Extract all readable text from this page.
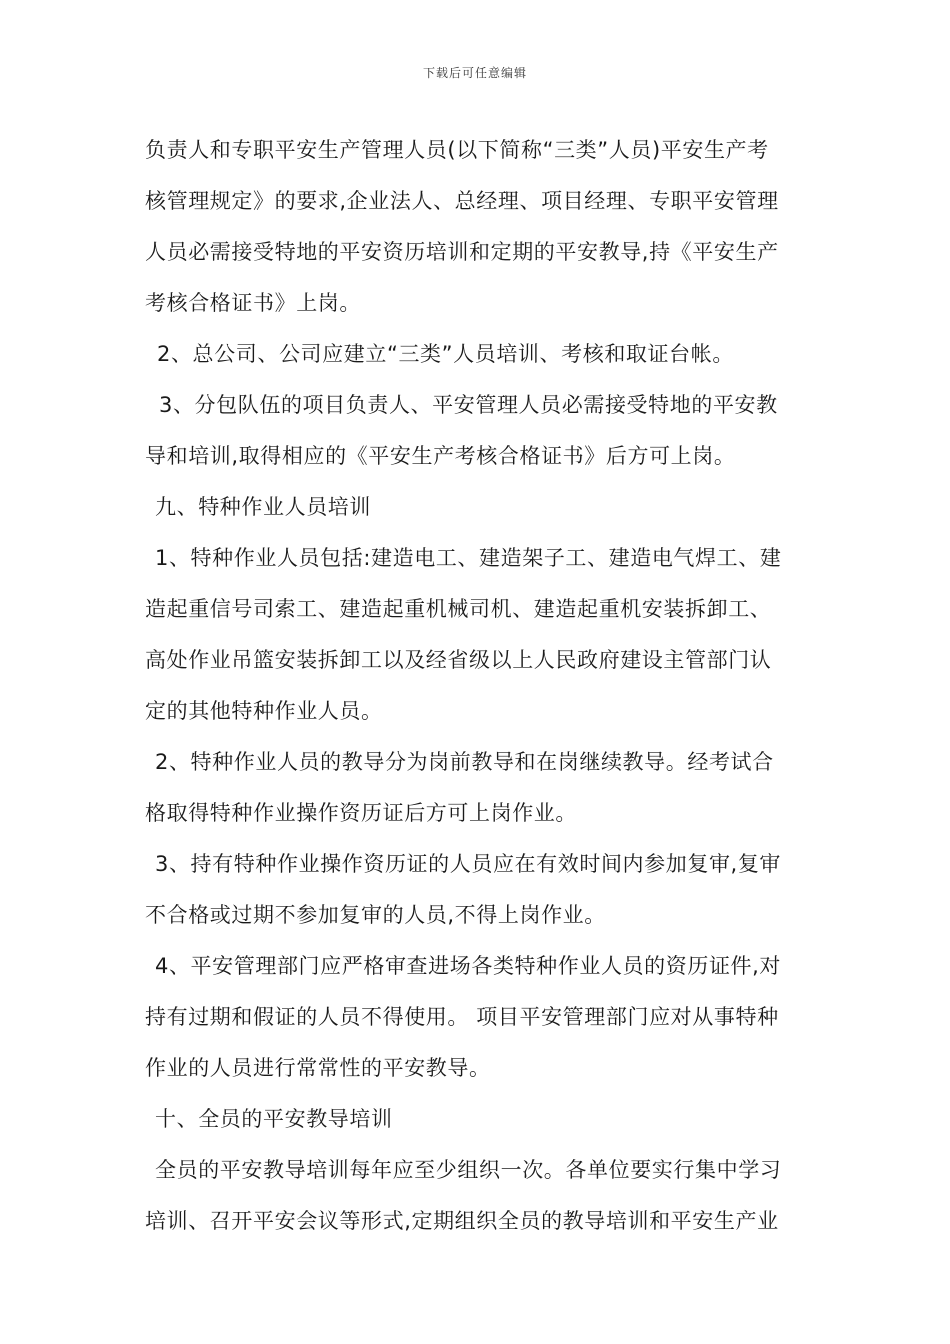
下载后可任意编辑
负责人和专职平安生产管理人员(以下简称“三类”人员)平安生产考
核管理规定》的要求,企业法人、总经理、项目经理、专职平安管理
人员必需接受特地的平安资历培训和定期的平安教导,持《平安生产
考核合格证书》上岗。
2、总公司、公司应建立“三类”人员培训、考核和取证台帐。
3、分包队伍的项目负责人、平安管理人员必需接受特地的平安教
导和培训,取得相应的《平安生产考核合格证书》后方可上岗。
九、特种作业人员培训
1、特种作业人员包括:建造电工、建造架子工、建造电气焊工、建
造起重信号司索工、建造起重机械司机、建造起重机安装拆卸工、
高处作业吊篮安装拆卸工以及经省级以上人民政府建设主管部门认
定的其他特种作业人员。
2、特种作业人员的教导分为岗前教导和在岗继续教导。经考试合
格取得特种作业操作资历证后方可上岗作业。
3、持有特种作业操作资历证的人员应在有效时间内参加复审,复审
不合格或过期不参加复审的人员,不得上岗作业。
4、平安管理部门应严格审查进场各类特种作业人员的资历证件,对
持有过期和假证的人员不得使用。 项目平安管理部门应对从事特种
作业的人员进行常常性的平安教导。
十、全员的平安教导培训
全员的平安教导培训每年应至少组织一次。各单位要实行集中学习
培训、召开平安会议等形式,定期组织全员的教导培训和平安生产业
